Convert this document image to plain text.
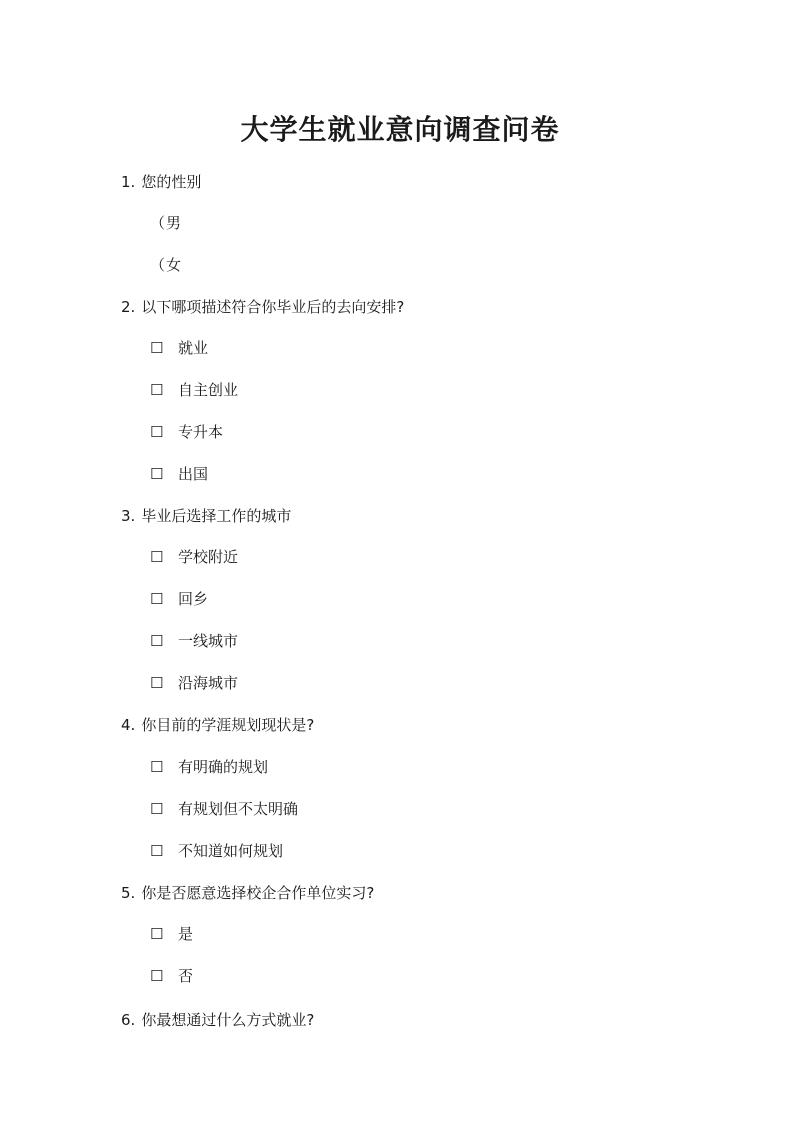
大学生就业意向调查问卷
1. 您的性别
（男
（女
2. 以下哪项描述符合你毕业后的去向安排?
☐ 就业
☐ 自主创业
☐ 专升本
☐ 出国
3. 毕业后选择工作的城市
☐ 学校附近
☐ 回乡
☐ 一线城市
☐ 沿海城市
4. 你目前的学涯规划现状是?
☐ 有明确的规划
☐ 有规划但不太明确
☐ 不知道如何规划
5. 你是否愿意选择校企合作单位实习?
☐ 是
☐ 否
6. 你最想通过什么方式就业?
